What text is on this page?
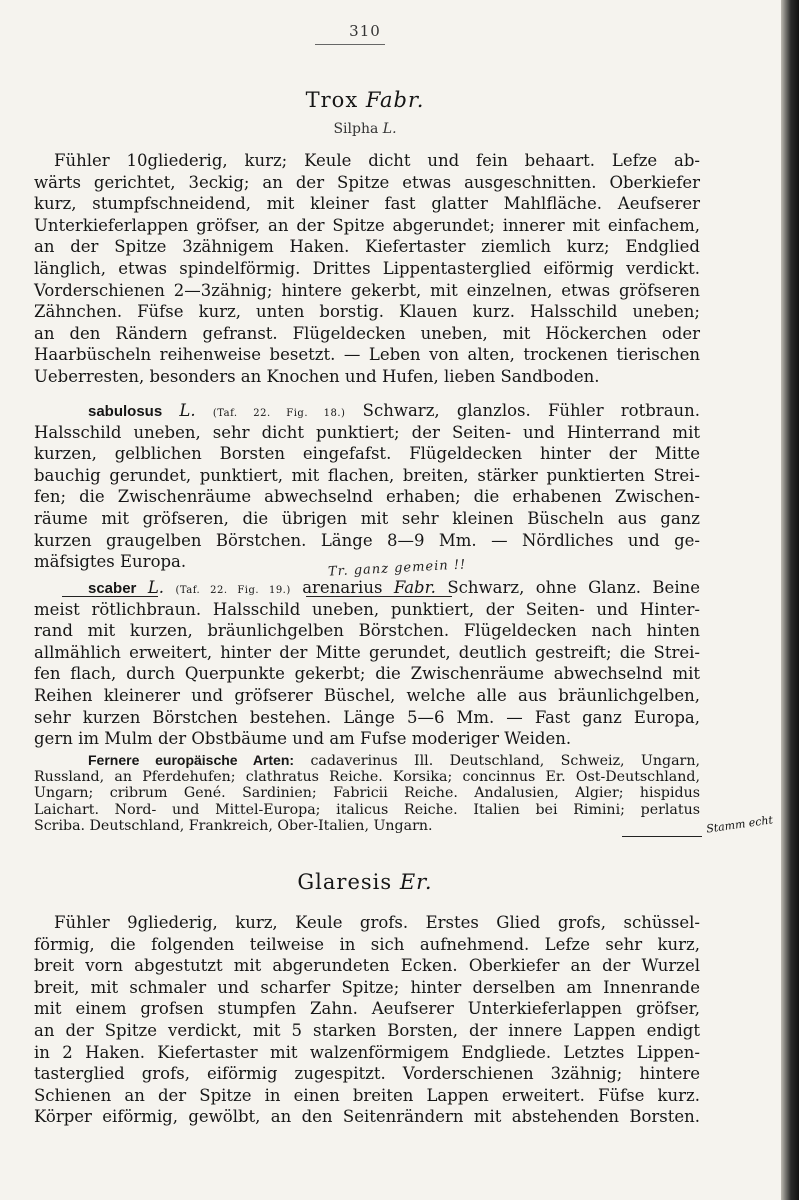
310
Trox Fabr.
Silpha L.
Fühler 10gliederig, kurz; Keule dicht und fein behaart. Lefze ab-
wärts gerichtet, 3eckig; an der Spitze etwas ausgeschnitten. Oberkiefer
kurz, stumpfschneidend, mit kleiner fast glatter Mahlfläche. Aeufserer
Unterkieferlappen gröfser, an der Spitze abgerundet; innerer mit einfachem,
an der Spitze 3zähnigem Haken. Kiefertaster ziemlich kurz; Endglied
länglich, etwas spindelförmig. Drittes Lippentasterglied eiförmig verdickt.
Vorderschienen 2—3zähnig; hintere gekerbt, mit einzelnen, etwas gröfseren
Zähnchen. Füfse kurz, unten borstig. Klauen kurz. Halsschild uneben;
an den Rändern gefranst. Flügeldecken uneben, mit Höckerchen oder
Haarbüscheln reihenweise besetzt. — Leben von alten, trockenen tierischen
Ueberresten, besonders an Knochen und Hufen, lieben Sandboden.
sabulosus L. (Taf. 22. Fig. 18.) Schwarz, glanzlos. Fühler rotbraun.
Halsschild uneben, sehr dicht punktiert; der Seiten- und Hinterrand mit
kurzen, gelblichen Borsten eingefafst. Flügeldecken hinter der Mitte
bauchig gerundet, punktiert, mit flachen, breiten, stärker punktierten Strei-
fen; die Zwischenräume abwechselnd erhaben; die erhabenen Zwischen-
räume mit gröfseren, die übrigen mit sehr kleinen Büscheln aus ganz
kurzen graugelben Börstchen. Länge 8—9 Mm. — Nördliches und ge-
mäfsigtes Europa.	Tr. ganz gemein !!
scaber L. (Taf. 22. Fig. 19.) arenarius Fabr. Schwarz, ohne Glanz. Beine
meist rötlichbraun. Halsschild uneben, punktiert, der Seiten- und Hinter-
rand mit kurzen, bräunlichgelben Börstchen. Flügeldecken nach hinten
allmählich erweitert, hinter der Mitte gerundet, deutlich gestreift; die Strei-
fen flach, durch Querpunkte gekerbt; die Zwischenräume abwechselnd mit
Reihen kleinerer und gröfserer Büschel, welche alle aus bräunlichgelben,
sehr kurzen Börstchen bestehen. Länge 5—6 Mm. — Fast ganz Europa,
gern im Mulm der Obstbäume und am Fufse moderiger Weiden.
Fernere europäische Arten: cadaverinus Ill. Deutschland, Schweiz, Ungarn,
Russland, an Pferdehufen; clathratus Reiche. Korsika; concinnus Er. Ost-Deutschland,
Ungarn; cribrum Gené. Sardinien; Fabricii Reiche. Andalusien, Algier; hispidus
Laichart. Nord- und Mittel-Europa; italicus Reiche. Italien bei Rimini; perlatus
Scriba. Deutschland, Frankreich, Ober-Italien, Ungarn.	Stamm echt
Glaresis Er.
Fühler 9gliederig, kurz, Keule grofs. Erstes Glied grofs, schüssel-
förmig, die folgenden teilweise in sich aufnehmend. Lefze sehr kurz,
breit vorn abgestutzt mit abgerundeten Ecken. Oberkiefer an der Wurzel
breit, mit schmaler und scharfer Spitze; hinter derselben am Innenrande
mit einem grofsen stumpfen Zahn. Aeufserer Unterkieferlappen gröfser,
an der Spitze verdickt, mit 5 starken Borsten, der innere Lappen endigt
in 2 Haken. Kiefertaster mit walzenförmigem Endgliede. Letztes Lippen-
tasterglied grofs, eiförmig zugespitzt. Vorderschienen 3zähnig; hintere
Schienen an der Spitze in einen breiten Lappen erweitert. Füfse kurz.
Körper eiförmig, gewölbt, an den Seitenrändern mit abstehenden Borsten.
